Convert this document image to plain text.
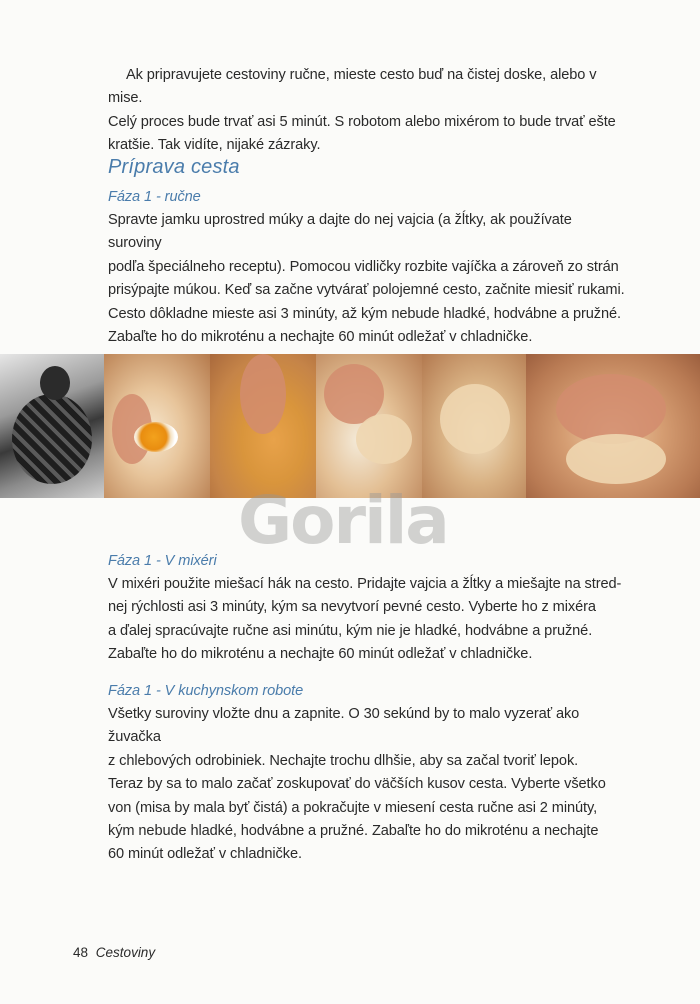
Ak pripravujete cestoviny ručne, mieste cesto buď na čistej doske, alebo v mise.

Celý proces bude trvať asi 5 minút. S robotom alebo mixérom to bude trvať ešte

kratšie. Tak vidíte, nijaké zázraky.

Príprava cesta
Fáza 1 - ručne

Spravte jamku uprostred múky a dajte do nej vajcia (a žĺtky, ak používate suroviny

podľa špeciálneho receptu). Pomocou vidličky rozbite vajíčka a zároveň zo strán

prisýpajte múkou. Keď sa začne vytvárať polojemné cesto, začnite miesiť rukami.

Cesto dôkladne mieste asi 3 minúty, až kým nebude hladké, hodvábne a pružné.

Zabaľte ho do mikroténu a nechajte 60 minút odležať v chladničke.

Gorila
Fáza 1 - V mixéri

V mixéri použite miešací hák na cesto. Pridajte vajcia a žĺtky a miešajte na stred-

nej rýchlosti asi 3 minúty, kým sa nevytvorí pevné cesto. Vyberte ho z mixéra

a ďalej spracúvajte ručne asi minútu, kým nie je hladké, hodvábne a pružné.

Zabaľte ho do mikroténu a nechajte 60 minút odležať v chladničke.

Fáza 1 - V kuchynskom robote

Všetky suroviny vložte dnu a zapnite. O 30 sekúnd by to malo vyzerať ako žuvačka

z chlebových odrobiniek. Nechajte trochu dlhšie, aby sa začal tvoriť lepok.

Teraz by sa to malo začať zoskupovať do väčších kusov cesta. Vyberte všetko

von (misa by mala byť čistá) a pokračujte v miesení cesta ručne asi 2 minúty,

kým nebude hladké, hodvábne a pružné. Zabaľte ho do mikroténu a nechajte

60 minút odležať v chladničke.

48 Cestoviny
